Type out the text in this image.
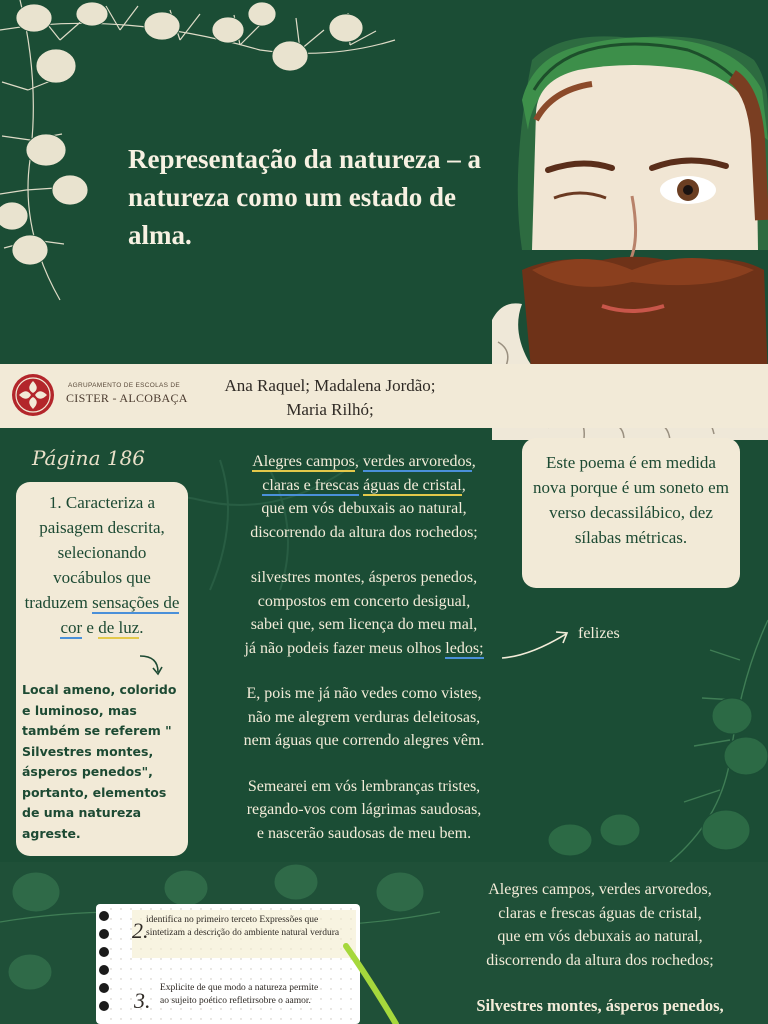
Representação da natureza – a natureza como um estado de alma.
AGRUPAMENTO DE ESCOLAS DE
CISTER - ALCOBAÇA
Ana Raquel; Madalena Jordão;
Maria Rilhó;
Página 186
1. Caracteriza a paisagem descrita, selecionando vocábulos que traduzem sensações de cor e de luz.
Local ameno, colorido e luminoso, mas também se referem " Silvestres montes, ásperos penedos", portanto, elementos de uma natureza agreste.
Alegres campos, verdes arvoredos,
claras e frescas águas de cristal,
que em vós debuxais ao natural,
discorrendo da altura dos rochedos;
silvestres montes, ásperos penedos,
compostos em concerto desigual,
sabei que, sem licença do meu mal,
já não podeis fazer meus olhos ledos;
E, pois me já não vedes como vistes,
não me alegrem verduras deleitosas,
nem águas que correndo alegres vêm.
Semearei em vós lembranças tristes,
regando-vos com lágrimas saudosas,
e nascerão saudosas de meu bem.
Este poema é em medida nova porque é um soneto em verso decassilábico, dez sílabas métricas.
felizes
2.
identifica no primeiro terceto Expressões que sintetizam a descrição do ambiente natural verdura
3. Explicite de que modo a natureza permite ao sujeito poético refletirsobre o aamor.
Alegres campos, verdes arvoredos,
claras e frescas águas de cristal,
que em vós debuxais ao natural,
discorrendo da altura dos rochedos;
Silvestres montes, ásperos penedos,
